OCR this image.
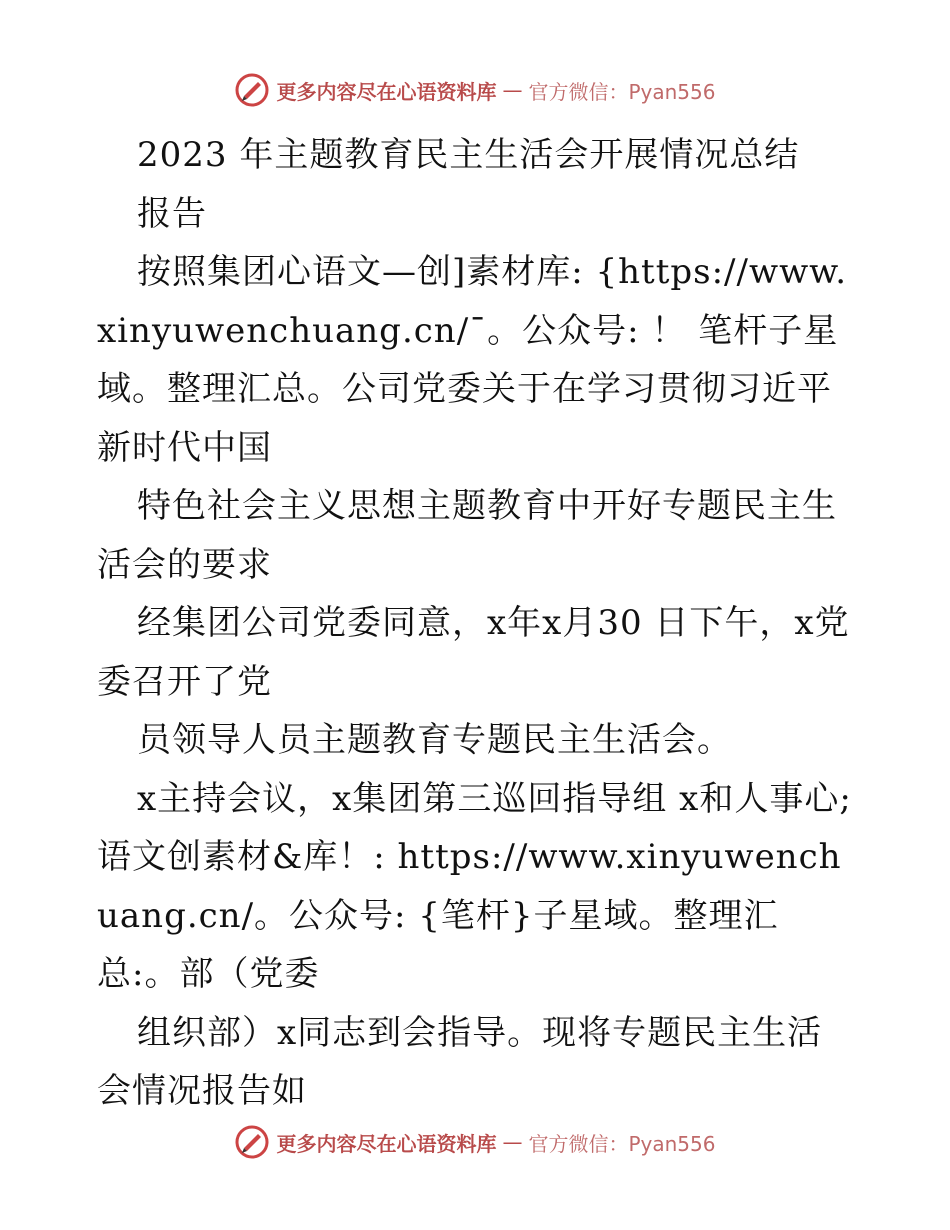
更多内容尽在心语资料库 — 官方微信：Pyan556

2023 年主题教育民主生活会开展情况总结

报告

按照集团心语文—创]素材库: {https://www.xinyuwenchuang.cn/¯。公众号: ！ 笔杆子星域。整理汇总。公司党委关于在学习贯彻习近平新时代中国

特色社会主义思想主题教育中开好专题民主生活会的要求

经集团公司党委同意，x年x月30 日下午，x党委召开了党

员领导人员主题教育专题民主生活会。

x主持会议，x集团第三巡回指导组 x和人事心;语文创素材&库！: https://www.xinyuwenchuang.cn/。公众号: {笔杆}子星域。整理汇总:。部（党委

组织部）x同志到会指导。现将专题民主生活会情况报告如

更多内容尽在心语资料库 — 官方微信：Pyan556
